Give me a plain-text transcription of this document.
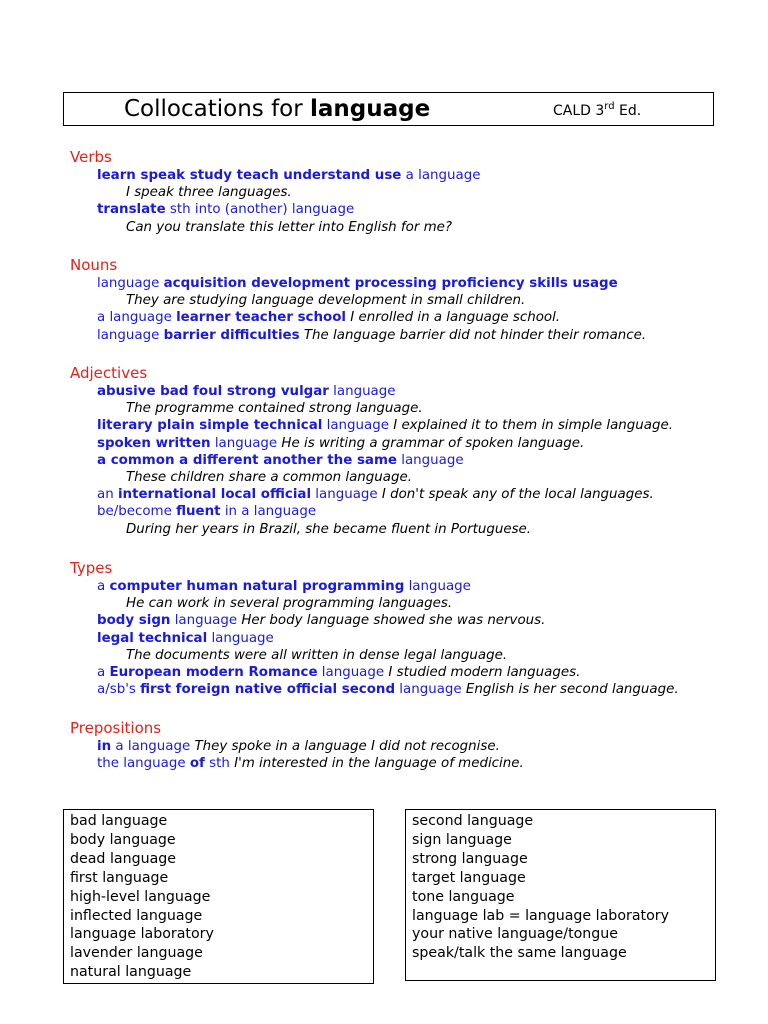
Collocations for language	CALD 3rd Ed.
Verbs
learn speak study teach understand use a language
I speak three languages.
translate sth into (another) language
Can you translate this letter into English for me?
Nouns
language acquisition development processing proficiency skills usage
They are studying language development in small children.
a language learner teacher school I enrolled in a language school.
language barrier difficulties The language barrier did not hinder their romance.
Adjectives
abusive bad foul strong vulgar language
The programme contained strong language.
literary plain simple technical language I explained it to them in simple language.
spoken written language He is writing a grammar of spoken language.
a common a different another the same language
These children share a common language.
an international local official language I don't speak any of the local languages.
be/become fluent in a language
During her years in Brazil, she became fluent in Portuguese.
Types
a computer human natural programming language
He can work in several programming languages.
body sign language Her body language showed she was nervous.
legal technical language
The documents were all written in dense legal language.
a European modern Romance language I studied modern languages.
a/sb's first foreign native official second language English is her second language.
Prepositions
in a language They spoke in a language I did not recognise.
the language of sth I'm interested in the language of medicine.
bad language
body language
dead language
first language
high-level language
inflected language
language laboratory
lavender language
natural language
second language
sign language
strong language
target language
tone language
language lab = language laboratory
your native language/tongue
speak/talk the same language
